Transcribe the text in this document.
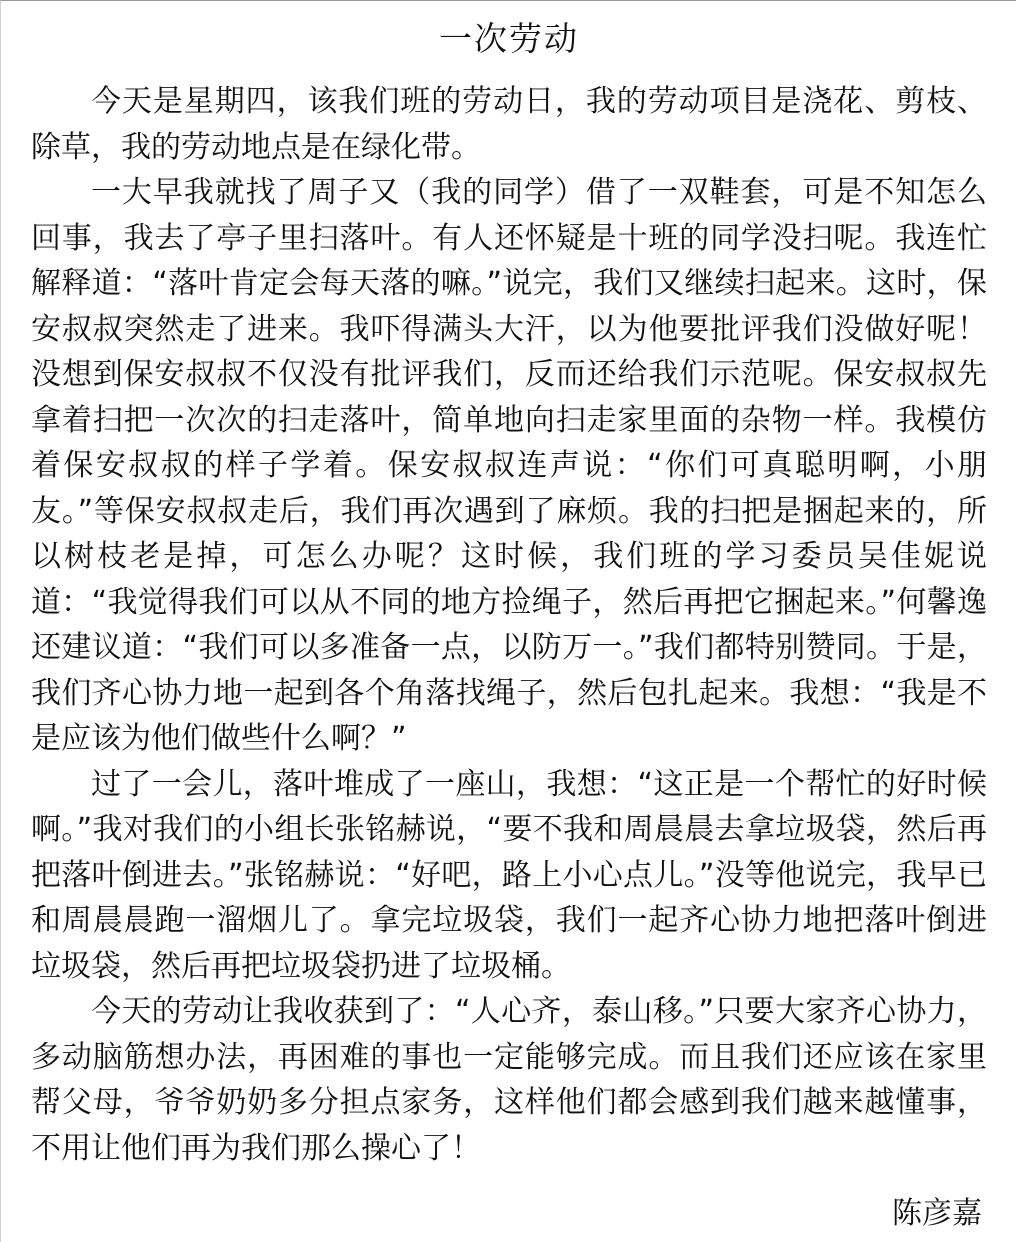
一次劳动

今天是星期四，该我们班的劳动日，我的劳动项目是浇花、剪枝、除草，我的劳动地点是在绿化带。

一大早我就找了周子又（我的同学）借了一双鞋套，可是不知怎么回事，我去了亭子里扫落叶。有人还怀疑是十班的同学没扫呢。我连忙解释道：“落叶肯定会每天落的嘛。”说完，我们又继续扫起来。这时，保安叔叔突然走了进来。我吓得满头大汗，以为他要批评我们没做好呢！没想到保安叔叔不仅没有批评我们，反而还给我们示范呢。保安叔叔先拿着扫把一次次的扫走落叶，简单地向扫走家里面的杂物一样。我模仿着保安叔叔的样子学着。保安叔叔连声说：“你们可真聪明啊，小朋友。”等保安叔叔走后，我们再次遇到了麻烦。我的扫把是捆起来的，所以树枝老是掉，可怎么办呢？这时候，我们班的学习委员吴佳妮说道：“我觉得我们可以从不同的地方捡绳子，然后再把它捆起来。”何馨逸还建议道：“我们可以多准备一点，以防万一。”我们都特别赞同。于是，我们齐心协力地一起到各个角落找绳子，然后包扎起来。我想：“我是不是应该为他们做些什么啊？”

过了一会儿，落叶堆成了一座山，我想：“这正是一个帮忙的好时候啊。”我对我们的小组长张铭赫说，“要不我和周晨晨去拿垃圾袋，然后再把落叶倒进去。”张铭赫说：“好吧，路上小心点儿。”没等他说完，我早已和周晨晨跑一溜烟儿了。拿完垃圾袋，我们一起齐心协力地把落叶倒进垃圾袋，然后再把垃圾袋扔进了垃圾桶。

今天的劳动让我收获到了：“人心齐，泰山移。”只要大家齐心协力，多动脑筋想办法，再困难的事也一定能够完成。而且我们还应该在家里帮父母，爷爷奶奶多分担点家务，这样他们都会感到我们越来越懂事，不用让他们再为我们那么操心了！

陈彦嘉
